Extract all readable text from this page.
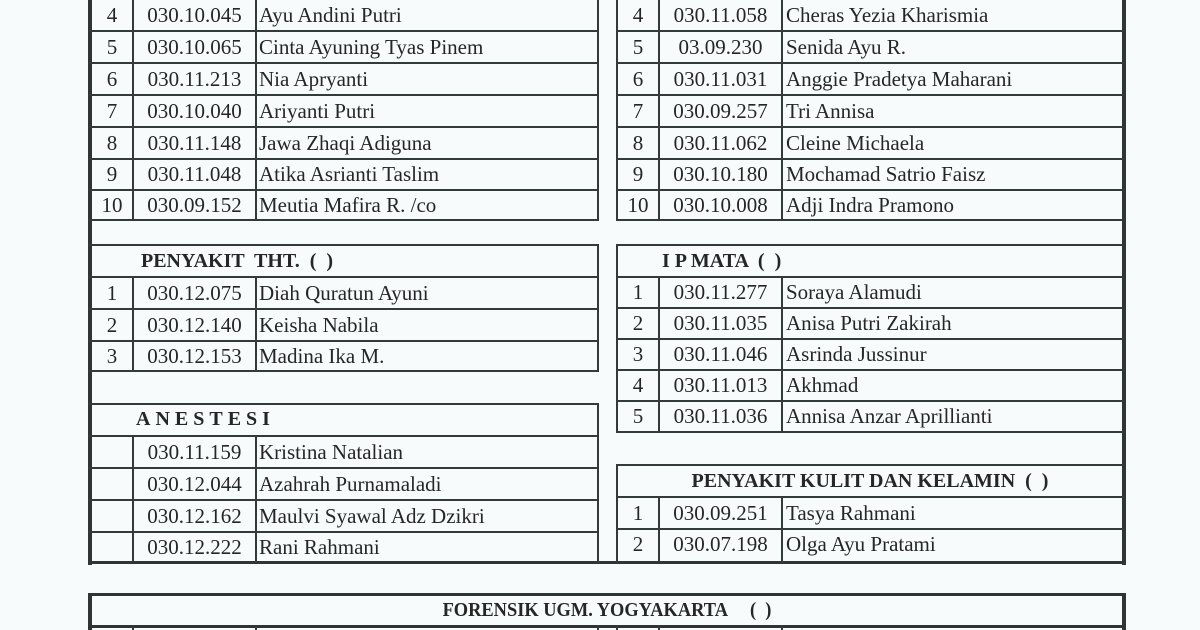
4	030.10.045 Ayu Andini Putri
5	030.10.065 Cinta Ayuning Tyas Pinem
6	030.11.213 Nia Apryanti
7	030.10.040 Ariyanti Putri
8	030.11.148 Jawa Zhaqi Adiguna
9	030.11.048 Atika Asrianti Taslim
10	030.09.152 Meutia Mafira R. /co
4	030.11.058 Cheras Yezia Kharismia
5	03.09.230	Senida Ayu R.
6	030.11.031 Anggie Pradetya Maharani
7	030.09.257 Tri Annisa
8	030.11.062 Cleine Michaela
9	030.10.180 Mochamad Satrio Faisz
10	030.10.008 Adji Indra Pramono
PENYAKIT  THT.  (  )
1	030.12.075 Diah Quratun Ayuni
2	030.12.140 Keisha Nabila
3	030.12.153 Madina Ika M.
ANESTESI
030.11.159 Kristina Natalian
030.12.044 Azahrah Purnamaladi
030.12.162 Maulvi Syawal Adz Dzikri
030.12.222 Rani Rahmani
I P MATA  (  )
1	030.11.277 Soraya Alamudi
2	030.11.035 Anisa Putri Zakirah
3	030.11.046 Asrinda Jussinur
4	030.11.013 Akhmad
5	030.11.036 Annisa Anzar Aprillianti
PENYAKIT KULIT DAN KELAMIN  (  )
1	030.09.251 Tasya Rahmani
2	030.07.198 Olga Ayu Pratami
FORENSIK UGM. YOGYAKARTA     (  )
